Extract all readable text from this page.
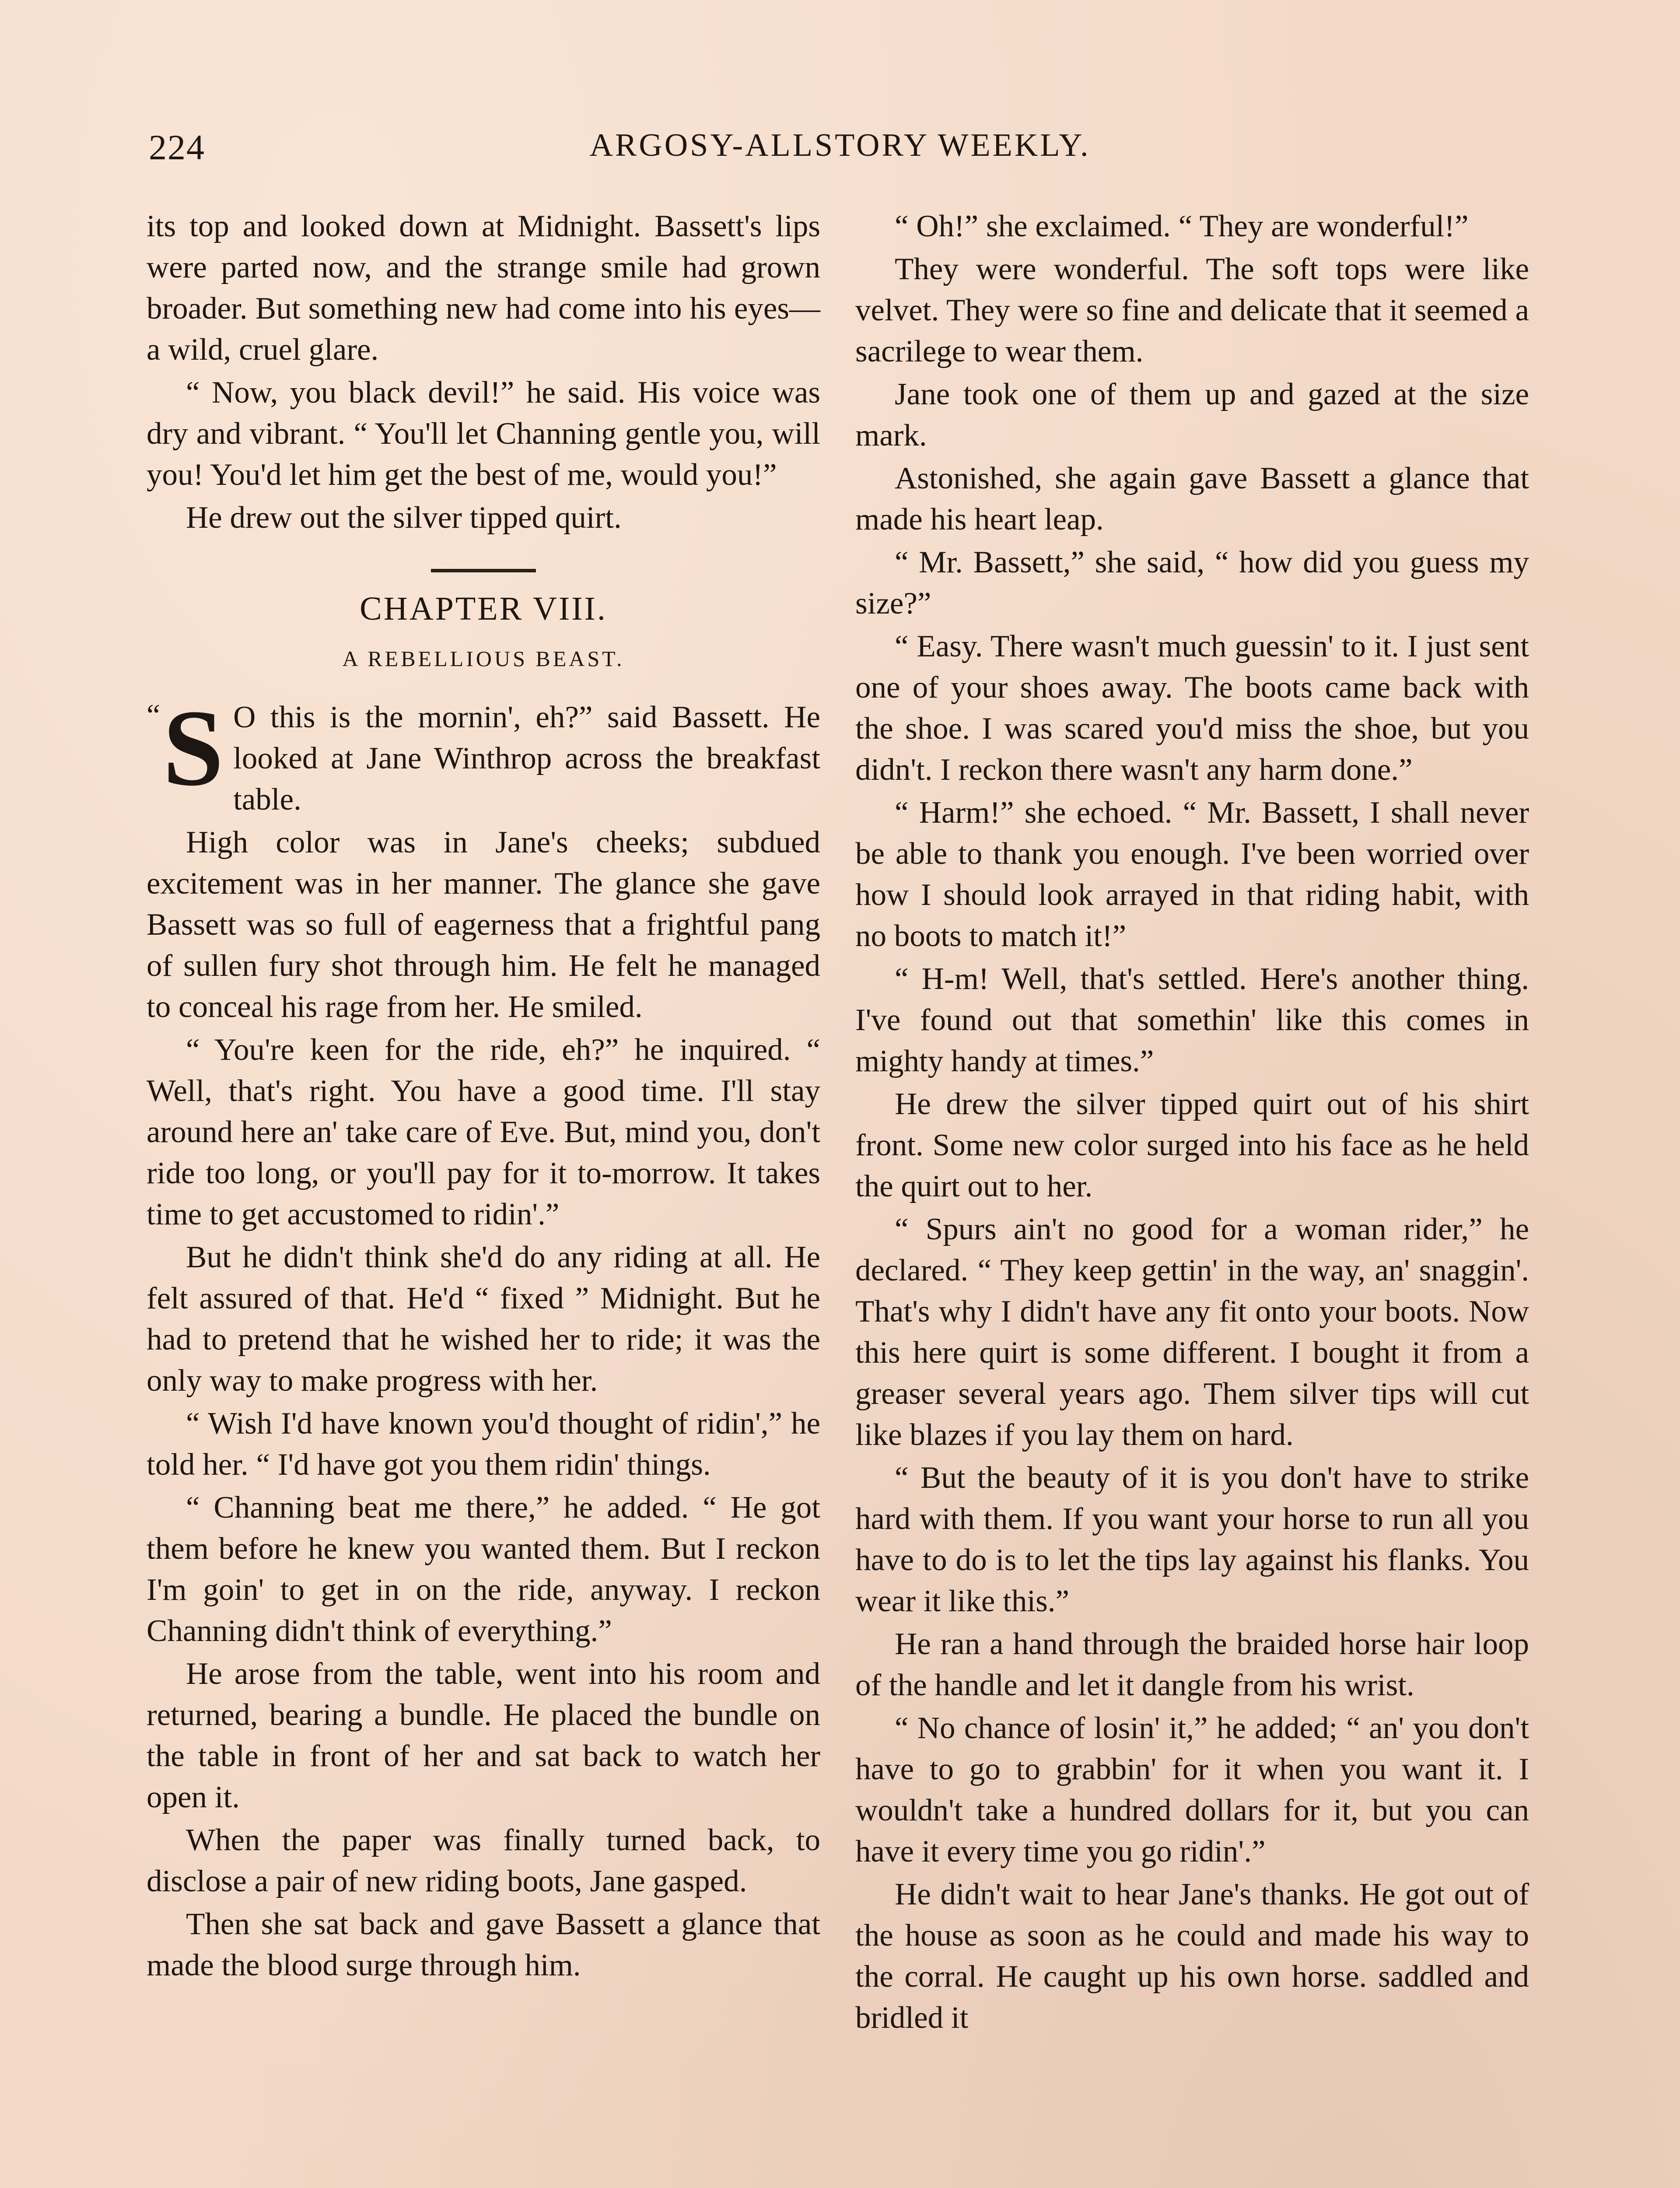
224	ARGOSY-ALLSTORY WEEKLY.

its top and looked down at Midnight. Bassett's lips were parted now, and the strange smile had grown broader. But something new had come into his eyes—a wild, cruel glare.

“ Now, you black devil!” he said. His voice was dry and vibrant. “ You'll let Channing gentle you, will you! You'd let him get the best of me, would you!”

He drew out the silver tipped quirt.

CHAPTER VIII.
A REBELLIOUS BEAST.

“ S O this is the mornin', eh?” said Bassett. He looked at Jane Winthrop across the breakfast table.

High color was in Jane's cheeks; subdued excitement was in her manner. The glance she gave Bassett was so full of eagerness that a frightful pang of sullen fury shot through him. He felt he managed to conceal his rage from her. He smiled.

“ You're keen for the ride, eh?” he inquired. “ Well, that's right. You have a good time. I'll stay around here an' take care of Eve. But, mind you, don't ride too long, or you'll pay for it to-morrow. It takes time to get accustomed to ridin'.”

But he didn't think she'd do any riding at all. He felt assured of that. He'd “ fixed ” Midnight. But he had to pretend that he wished her to ride; it was the only way to make progress with her.

“ Wish I'd have known you'd thought of ridin',” he told her. “ I'd have got you them ridin' things.

“ Channing beat me there,” he added. “ He got them before he knew you wanted them. But I reckon I'm goin' to get in on the ride, anyway. I reckon Channing didn't think of everything.”

He arose from the table, went into his room and returned, bearing a bundle. He placed the bundle on the table in front of her and sat back to watch her open it.

When the paper was finally turned back, to disclose a pair of new riding boots, Jane gasped.

Then she sat back and gave Bassett a glance that made the blood surge through him.

“ Oh!” she exclaimed. “ They are wonderful!”

They were wonderful. The soft tops were like velvet. They were so fine and delicate that it seemed a sacrilege to wear them.

Jane took one of them up and gazed at the size mark.

Astonished, she again gave Bassett a glance that made his heart leap.

“ Mr. Bassett,” she said, “ how did you guess my size?”

“ Easy. There wasn't much guessin' to it. I just sent one of your shoes away. The boots came back with the shoe. I was scared you'd miss the shoe, but you didn't. I reckon there wasn't any harm done.”

“ Harm!” she echoed. “ Mr. Bassett, I shall never be able to thank you enough. I've been worried over how I should look arrayed in that riding habit, with no boots to match it!”

“ H-m! Well, that's settled. Here's another thing. I've found out that somethin' like this comes in mighty handy at times.”

He drew the silver tipped quirt out of his shirt front. Some new color surged into his face as he held the quirt out to her.

“ Spurs ain't no good for a woman rider,” he declared. “ They keep gettin' in the way, an' snaggin'. That's why I didn't have any fit onto your boots. Now this here quirt is some different. I bought it from a greaser several years ago. Them silver tips will cut like blazes if you lay them on hard.

“ But the beauty of it is you don't have to strike hard with them. If you want your horse to run all you have to do is to let the tips lay against his flanks. You wear it like this.”

He ran a hand through the braided horse hair loop of the handle and let it dangle from his wrist.

“ No chance of losin' it,” he added; “ an' you don't have to go to grabbin' for it when you want it. I wouldn't take a hundred dollars for it, but you can have it every time you go ridin'.”

He didn't wait to hear Jane's thanks. He got out of the house as soon as he could and made his way to the corral. He caught up his own horse. saddled and bridled it
